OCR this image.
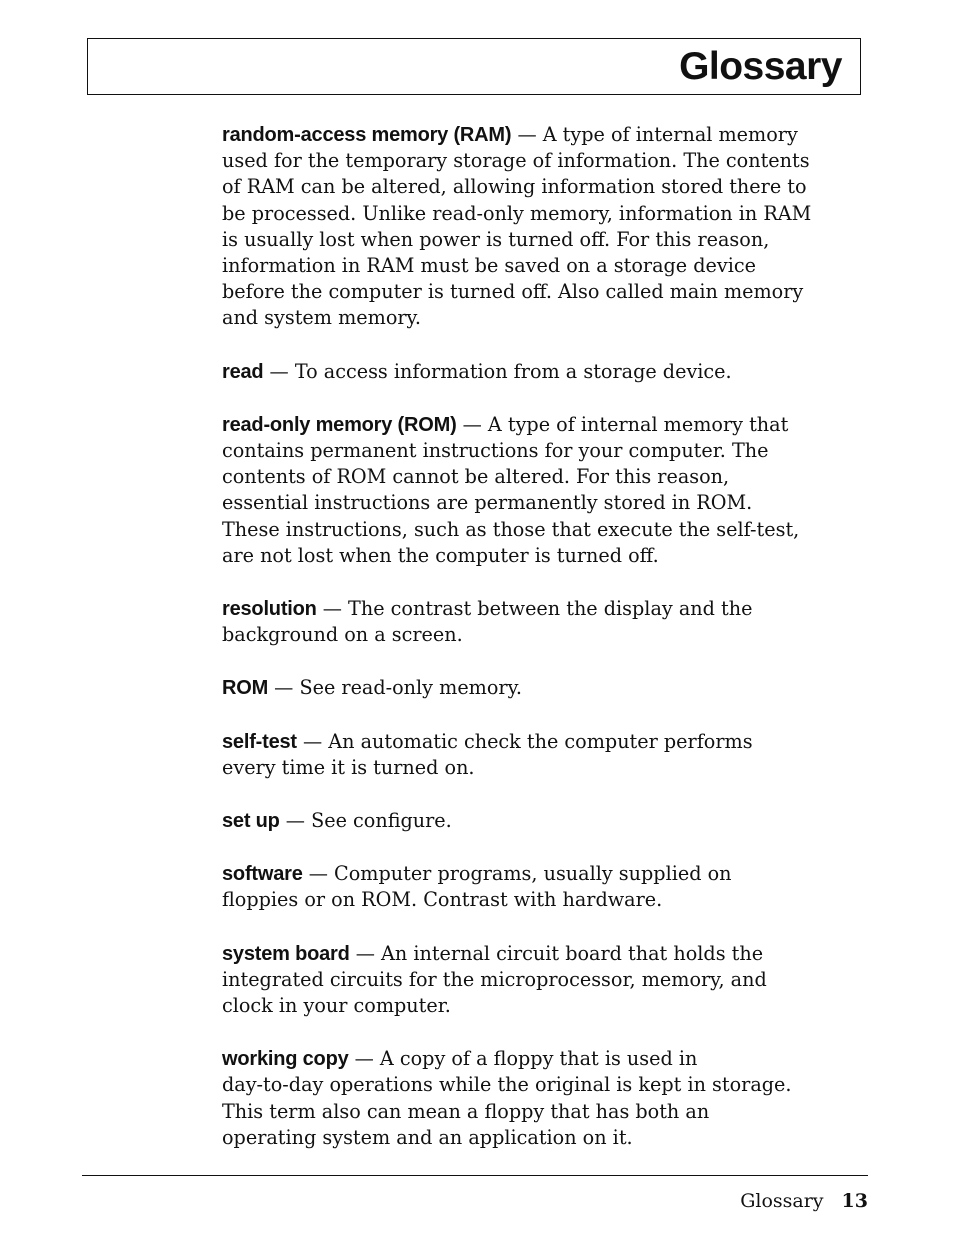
Glossary

random-access memory (RAM) — A type of internal memory
used for the temporary storage of information. The contents
of RAM can be altered, allowing information stored there to
be processed. Unlike read-only memory, information in RAM
is usually lost when power is turned off. For this reason,
information in RAM must be saved on a storage device
before the computer is turned off. Also called main memory
and system memory.

read — To access information from a storage device.

read-only memory (ROM) — A type of internal memory that
contains permanent instructions for your computer. The
contents of ROM cannot be altered. For this reason,
essential instructions are permanently stored in ROM.
These instructions, such as those that execute the self-test,
are not lost when the computer is turned off.

resolution — The contrast between the display and the
background on a screen.

ROM — See read-only memory.

self-test — An automatic check the computer performs
every time it is turned on.

set up — See configure.

software — Computer programs, usually supplied on
floppies or on ROM. Contrast with hardware.

system board — An internal circuit board that holds the
integrated circuits for the microprocessor, memory, and
clock in your computer.

working copy — A copy of a floppy that is used in
day-to-day operations while the original is kept in storage.
This term also can mean a floppy that has both an
operating system and an application on it.

Glossary 13
